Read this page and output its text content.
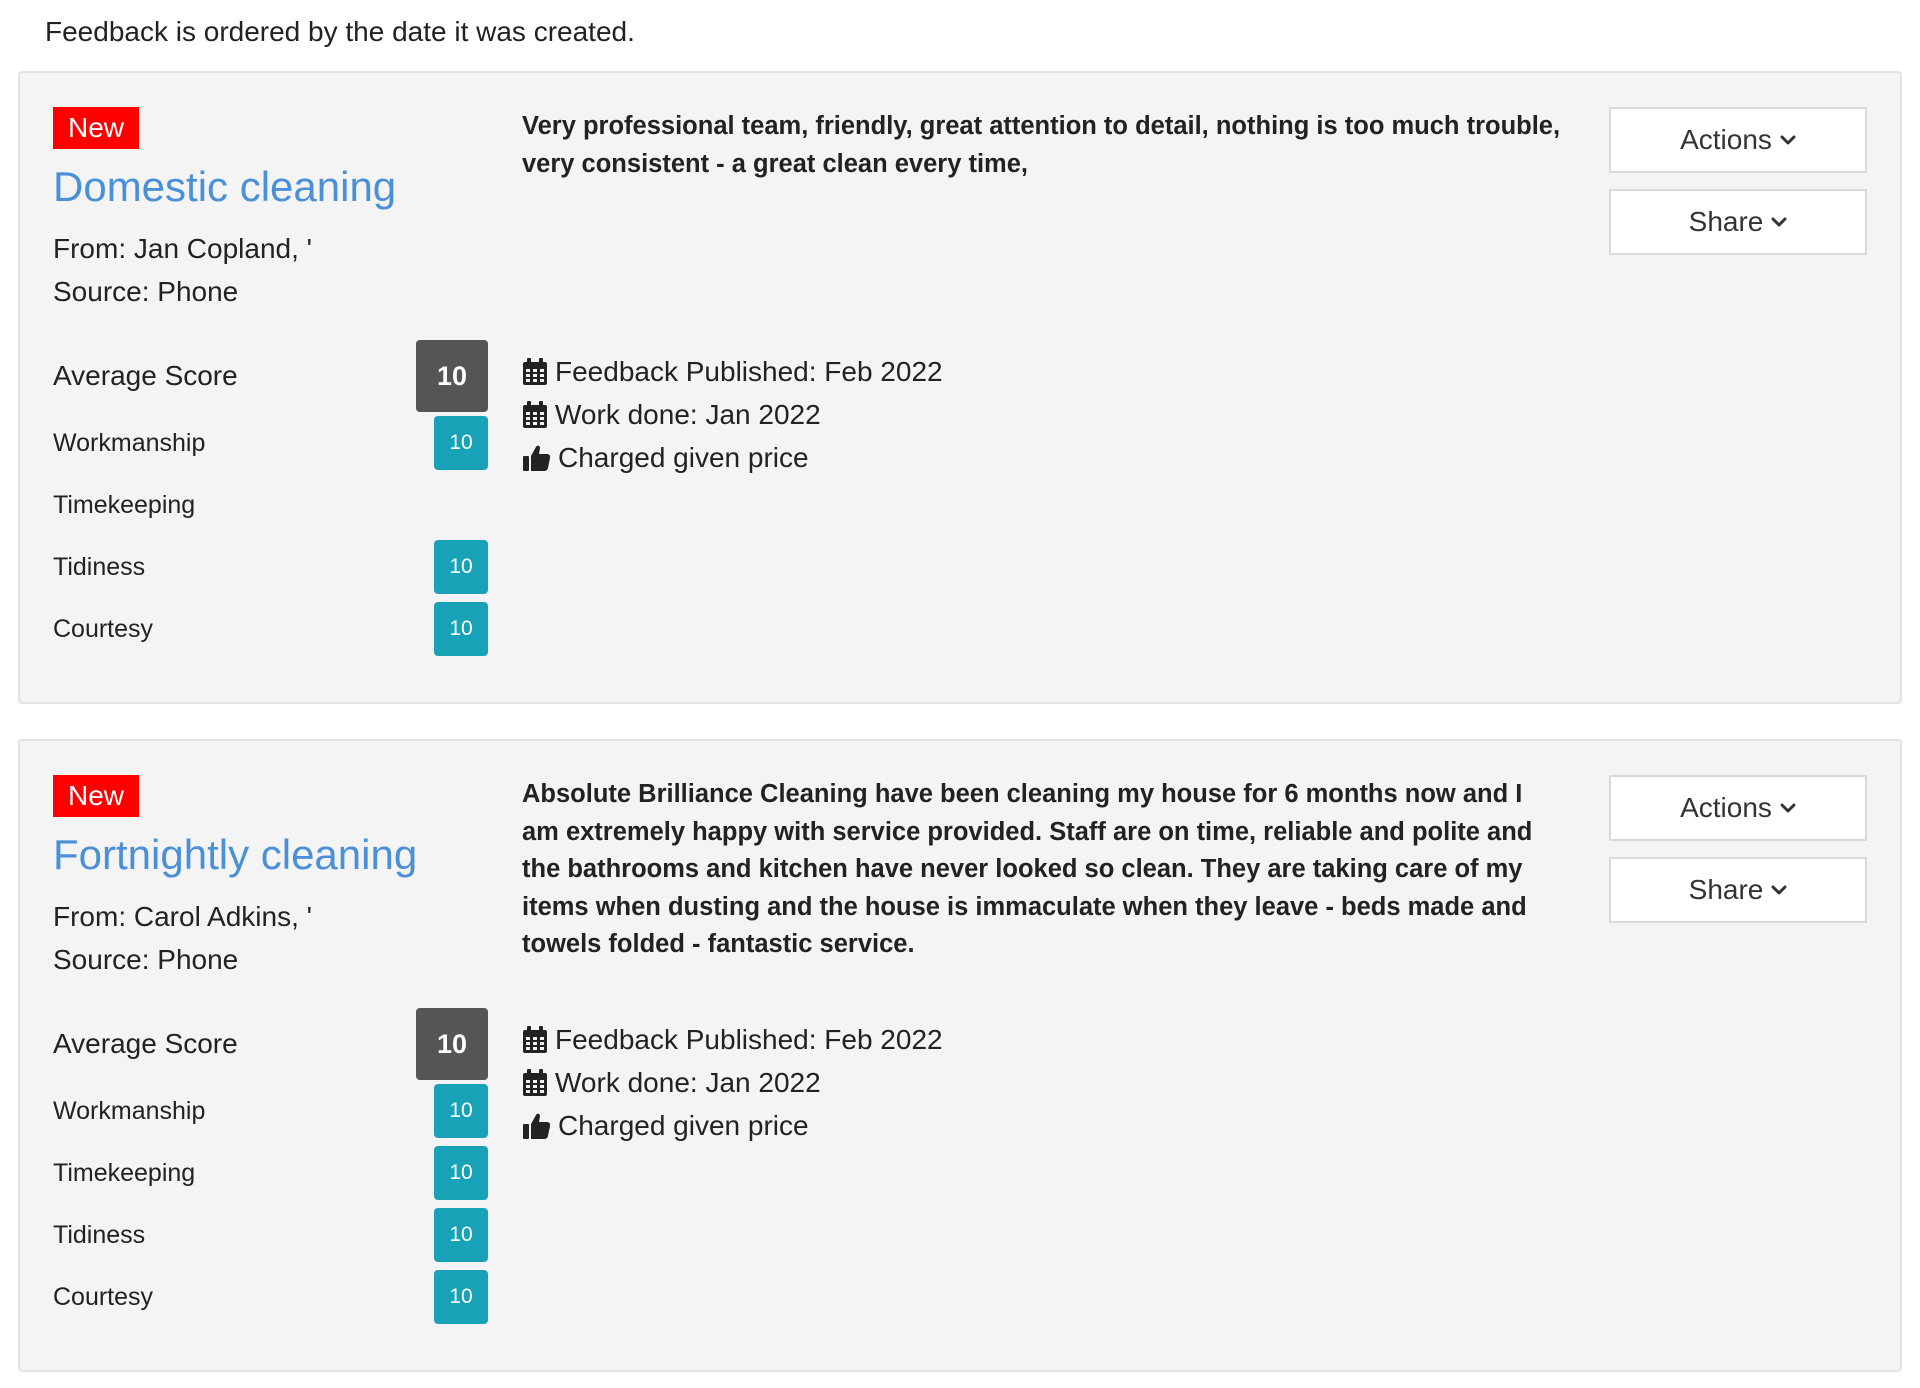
Feedback is ordered by the date it was created.
New
Domestic cleaning
From: Jan Copland, '
Source: Phone
Average Score	10
Workmanship	10
Timekeeping
Tidiness	10
Courtesy	10
Very professional team, friendly, great attention to detail, nothing is too much trouble, very consistent - a great clean every time,
Feedback Published: Feb 2022
Work done: Jan 2022
Charged given price
Actions
Share
New
Fortnightly cleaning
From: Carol Adkins, '
Source: Phone
Average Score	10
Workmanship	10
Timekeeping	10
Tidiness	10
Courtesy	10
Absolute Brilliance Cleaning have been cleaning my house for 6 months now and I am extremely happy with service provided. Staff are on time, reliable and polite and the bathrooms and kitchen have never looked so clean. They are taking care of my items when dusting and the house is immaculate when they leave - beds made and towels folded - fantastic service.
Feedback Published: Feb 2022
Work done: Jan 2022
Charged given price
Actions
Share
